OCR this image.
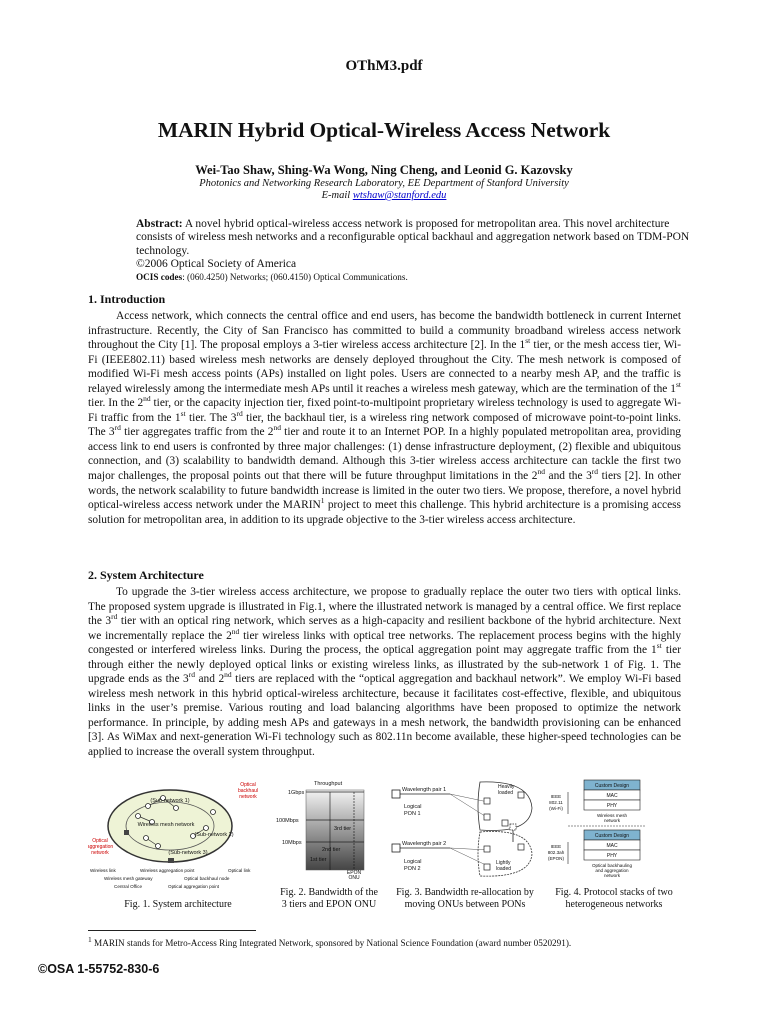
OThM3.pdf
MARIN Hybrid Optical-Wireless Access Network
Wei-Tao Shaw, Shing-Wa Wong, Ning Cheng, and Leonid G. Kazovsky
Photonics and Networking Research Laboratory, EE Department of Stanford University
E-mail wtshaw@stanford.edu
Abstract: A novel hybrid optical-wireless access network is proposed for metropolitan area. This novel architecture consists of wireless mesh networks and a reconfigurable optical backhaul and aggregation network based on TDM-PON technology.
©2006 Optical Society of America
OCIS codes: (060.4250) Networks; (060.4150) Optical Communications.
1. Introduction

Access network, which connects the central office and end users, has become the bandwidth bottleneck in current Internet infrastructure. Recently, the City of San Francisco has committed to build a community broadband wireless access network throughout the City [1]. The proposal employs a 3-tier wireless access architecture [2]. In the 1st tier, or the mesh access tier, Wi-Fi (IEEE802.11) based wireless mesh networks are densely deployed throughout the City. The mesh network is composed of modified Wi-Fi mesh access points (APs) installed on light poles. Users are connected to a nearby mesh AP, and the traffic is relayed wirelessly among the intermediate mesh APs until it reaches a wireless mesh gateway, which are the termination of the 1st tier. In the 2nd tier, or the capacity injection tier, fixed point-to-multipoint proprietary wireless technology is used to aggregate Wi-Fi traffic from the 1st tier. The 3rd tier, the backhaul tier, is a wireless ring network composed of microwave point-to-point links. The 3rd tier aggregates traffic from the 2nd tier and route it to an Internet POP. In a highly populated metropolitan area, providing access link to end users is confronted by three major challenges: (1) dense infrastructure deployment, (2) flexible and ubiquitous connection, and (3) scalability to bandwidth demand. Although this 3-tier wireless access architecture can tackle the first two major challenges, the proposal points out that there will be future throughput limitations in the 2nd and the 3rd tiers [2]. In other words, the network scalability to future bandwidth increase is limited in the outer two tiers. We propose, therefore, a novel hybrid optical-wireless access network under the MARIN$^1$ project to meet this challenge. This hybrid architecture is a promising access solution for metropolitan area, in addition to its upgrade objective to the 3-tier wireless access architecture.

2. System Architecture

To upgrade the 3-tier wireless access architecture, we propose to gradually replace the outer two tiers with optical links. The proposed system upgrade is illustrated in Fig.1, where the illustrated network is managed by a central office. We first replace the 3rd tier with an optical ring network, which serves as a high-capacity and resilient backbone of the hybrid architecture. Next we incrementally replace the 2nd tier wireless links with optical tree networks. The replacement process begins with the highly congested or interfered wireless links. During the process, the optical aggregation point may aggregate traffic from the 1st tier through either the newly deployed optical links or existing wireless links, as illustrated by the sub-network 1 of Fig. 1. The upgrade ends as the 3rd and 2nd tiers are replaced with the “optical aggregation and backhaul network”. We employ Wi-Fi based wireless mesh network in this hybrid optical-wireless architecture, because it facilitates cost-effective, flexible, and ubiquitous links in the user’s premise. Various routing and load balancing algorithms have been proposed to optimize the network performance. In principle, by adding mesh APs and gateways in a mesh network, the bandwidth provisioning can be enhanced [3]. As WiMax and next-generation Wi-Fi technology such as 802.11n become available, these higher-speed technologies can be applied to increase the overall system throughput.

(Sub-network 1)
Wireless mesh network
(Sub-network 2)
(Sub-network 3)
Optical
backhaul
network
Optical
aggregation
network
Wireless link	Wireless aggregation point	Optical link
Wireless mesh gateway	Optical backhaul node
Central Office	Optical aggregation point
Fig. 1. System architecture
Throughput
1Gbps
100Mbps
10Mbps
3rd tier
2nd tier
1st tier
EPON
ONU
Fig. 2. Bandwidth of the
3 tiers and EPON ONU
Wavelength pair 1
Wavelength pair 2
Logical
PON 1
Logical
PON 2
Heavily
loaded
Lightly
loaded
Fig. 3. Bandwidth re-allocation by
moving ONUs between PONs
IEEE
802.11
(Wi-Fi)
Custom Design
MAC
PHY
Wireless mesh
network
IEEE
802.3ah
(EPON)
Custom Design
MAC
PHY
Optical backhauling
and aggregation
network
Fig. 4. Protocol stacks of two
heterogeneous networks
$^1$ MARIN stands for Metro-Access Ring Integrated Network, sponsored by National Science Foundation (award number 0520291).
©OSA 1-55752-830-6
